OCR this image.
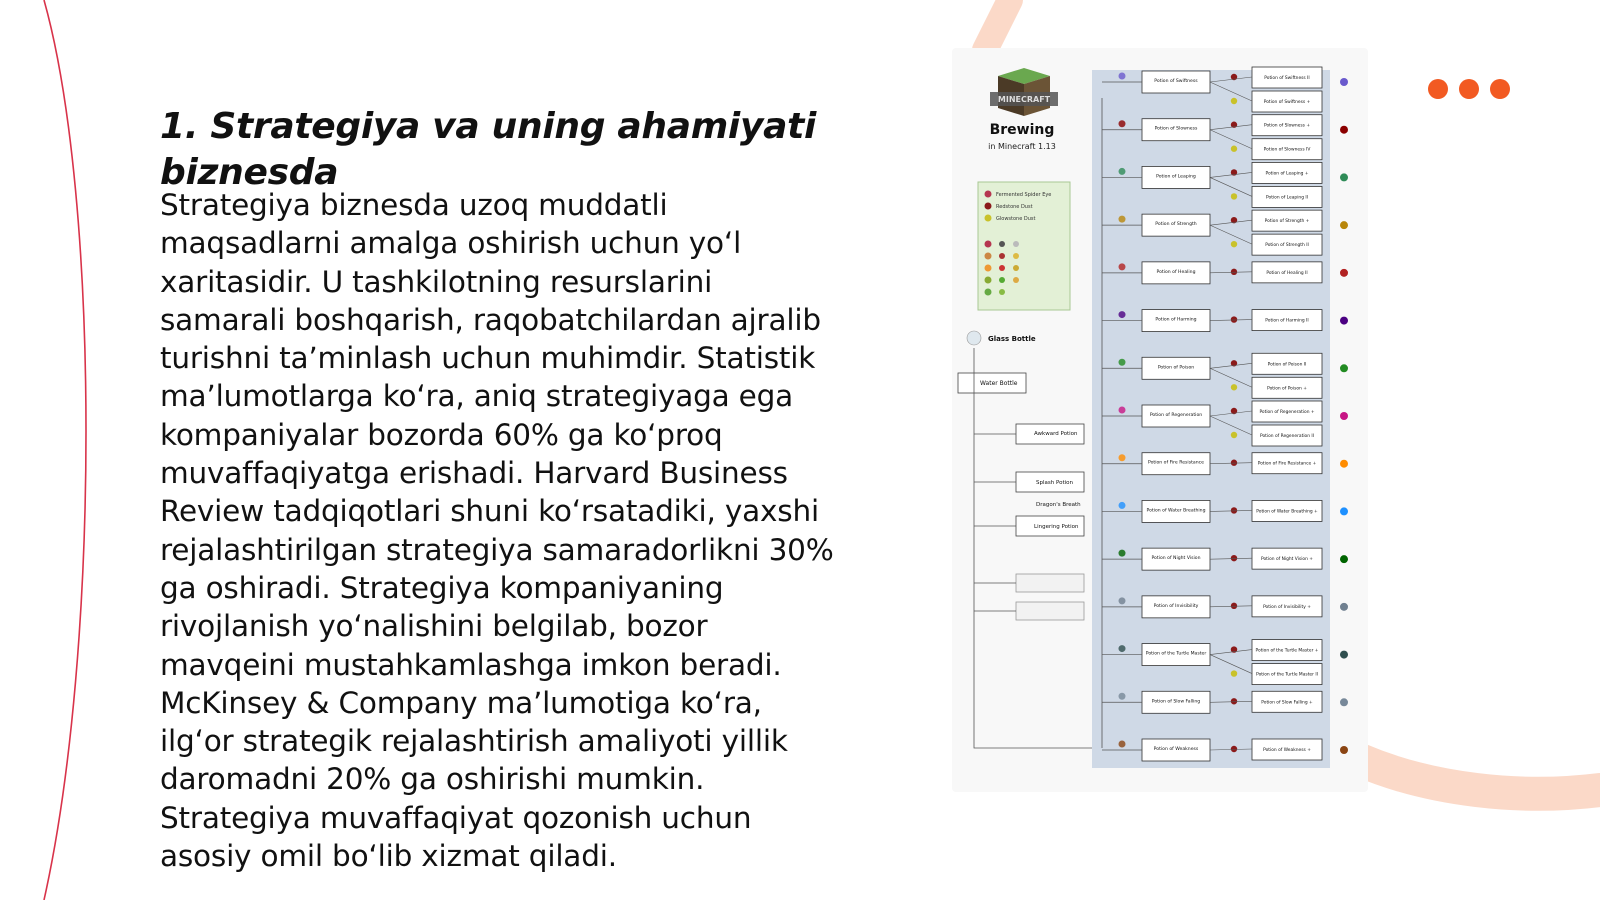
1. Strategiya va uning ahamiyati biznesda

Strategiya biznesda uzoq muddatli maqsadlarni amalga oshirish uchun yo‘l xaritasidir. U tashkilotning resurslarini samarali boshqarish, raqobatchilardan ajralib turishni ta’minlash uchun muhimdir. Statistik ma’lumotlarga ko‘ra, aniq strategiyaga ega kompaniyalar bozorda 60% ga ko‘proq muvaffaqiyatga erishadi. Harvard Business Review tadqiqotlari shuni ko‘rsatadiki, yaxshi rejalashtirilgan strategiya samaradorlikni 30% ga oshiradi. Strategiya kompaniyaning rivojlanish yo‘nalishini belgilab, bozor mavqeini mustahkamlashga imkon beradi. McKinsey & Company ma’lumotiga ko‘ra, ilg‘or strategik rejalashtirish amaliyoti yillik daromadni 20% ga oshirishi mumkin. Strategiya muvaffaqiyat qozonish uchun asosiy omil bo‘lib xizmat qiladi.

MINECRAFT
Brewing
in Minecraft 1.13
Fermented Spider Eye
Redstone Dust
Glowstone Dust
Glass Bottle
Water Bottle
Awkward Potion
Splash Potion
Dragon's Breath
Lingering Potion
Potion of Swiftness
Potion of Swiftness II
Potion of Swiftness +
Potion of Slowness
Potion of Slowness +
Potion of Slowness IV
Potion of Leaping
Potion of Leaping +
Potion of Leaping II
Potion of Strength
Potion of Strength +
Potion of Strength II
Potion of Healing	Potion of Healing II
Potion of Harming	Potion of Harming II
Potion of Poison
Potion of Poison II
Potion of Poison +
Potion of Regeneration
Potion of Regeneration +
Potion of Regeneration II
Potion of Fire Resistance	Potion of Fire Resistance +
Potion of Water Breathing	Potion of Water Breathing +
Potion of Night Vision	Potion of Night Vision +
Potion of Invisibility	Potion of Invisibility +
Potion of the Turtle Master
Potion of the Turtle Master +
Potion of the Turtle Master II
Potion of Slow Falling	Potion of Slow Falling +
Potion of Weakness	Potion of Weakness +
